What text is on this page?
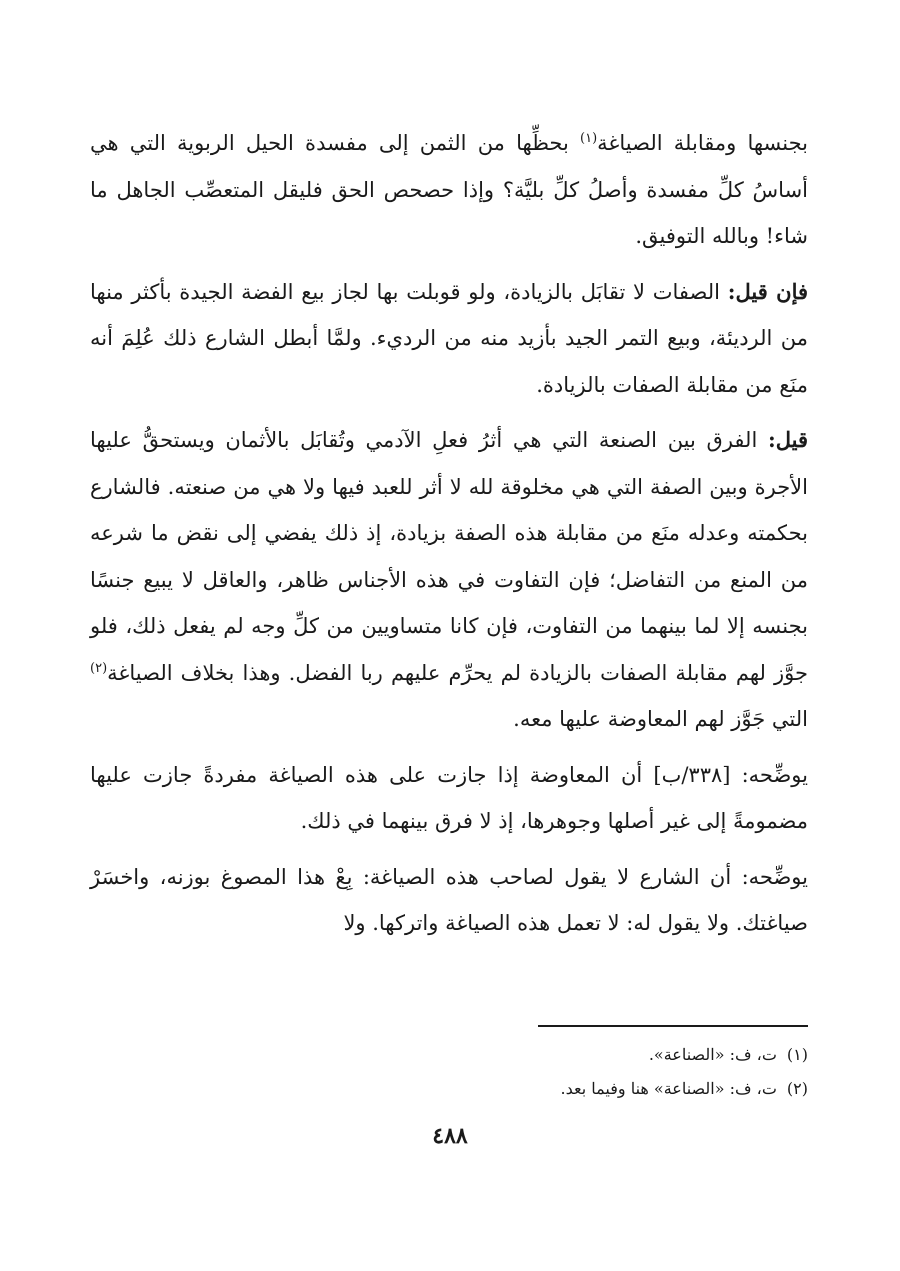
بجنسها ومقابلة الصياغة$^{(١)}$ بحظِّها من الثمن إلى مفسدة الحيل الربوية التي هي أساسُ كلِّ مفسدة وأصلُ كلِّ بليَّة؟ وإذا حصحص الحق فليقل المتعصِّب الجاهل ما شاء! وبالله التوفيق.

فإن قيل: الصفات لا تقابَل بالزيادة، ولو قوبلت بها لجاز بيع الفضة الجيدة بأكثر منها من الرديئة، وبيع التمر الجيد بأزيد منه من الرديء. ولمَّا أبطل الشارع ذلك عُلِمَ أنه منَع من مقابلة الصفات بالزيادة.

قيل: الفرق بين الصنعة التي هي أثرُ فعلِ الآدمي وتُقابَل بالأثمان ويستحقُّ عليها الأجرة وبين الصفة التي هي مخلوقة لله لا أثر للعبد فيها ولا هي من صنعته. فالشارع بحكمته وعدله منَع من مقابلة هذه الصفة بزيادة، إذ ذلك يفضي إلى نقض ما شرعه من المنع من التفاضل؛ فإن التفاوت في هذه الأجناس ظاهر، والعاقل لا يبيع جنسًا بجنسه إلا لما بينهما من التفاوت، فإن كانا متساويين من كلِّ وجه لم يفعل ذلك، فلو جوَّز لهم مقابلة الصفات بالزيادة لم يحرِّم عليهم ربا الفضل. وهذا بخلاف الصياغة$^{(٢)}$ التي جَوَّز لهم المعاوضة عليها معه.

يوضِّحه: [٣٣٨/ب] أن المعاوضة إذا جازت على هذه الصياغة مفردةً جازت عليها مضمومةً إلى غير أصلها وجوهرها، إذ لا فرق بينهما في ذلك.

يوضِّحه: أن الشارع لا يقول لصاحب هذه الصياغة: بِعْ هذا المصوغ بوزنه، واخسَرْ صياغتك. ولا يقول له: لا تعمل هذه الصياغة واتركها. ولا

(١)ت، ف: «الصناعة».
(٢)ت، ف: «الصناعة» هنا وفيما بعد.
٤٨٨
